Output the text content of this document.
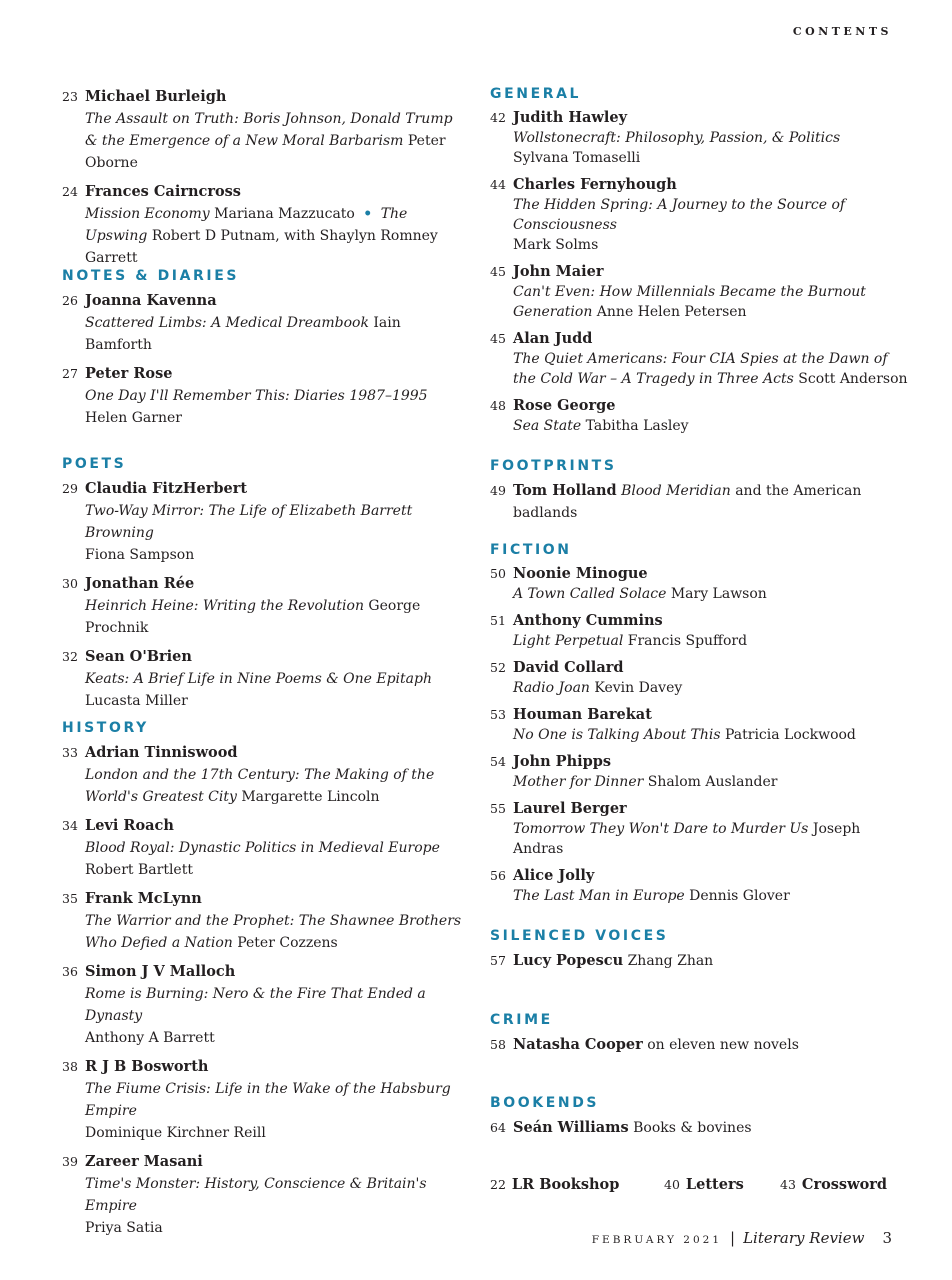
CONTENTS
23 Michael Burleigh
The Assault on Truth: Boris Johnson, Donald Trump & the Emergence of a New Moral Barbarism Peter Oborne
24 Frances Cairncross
Mission Economy Mariana Mazzucato • The Upswing Robert D Putnam, with Shaylyn Romney Garrett
NOTES & DIARIES
26 Joanna Kavenna
Scattered Limbs: A Medical Dreambook Iain Bamforth
27 Peter Rose
One Day I'll Remember This: Diaries 1987–1995
Helen Garner
POETS
29 Claudia FitzHerbert
Two-Way Mirror: The Life of Elizabeth Barrett Browning
Fiona Sampson
30 Jonathan Rée
Heinrich Heine: Writing the Revolution George Prochnik
32 Sean O'Brien
Keats: A Brief Life in Nine Poems & One Epitaph
Lucasta Miller
HISTORY
33 Adrian Tinniswood
London and the 17th Century: The Making of the World's Greatest City Margarette Lincoln
34 Levi Roach
Blood Royal: Dynastic Politics in Medieval Europe
Robert Bartlett
35 Frank McLynn
The Warrior and the Prophet: The Shawnee Brothers Who Defied a Nation Peter Cozzens
36 Simon J V Malloch
Rome is Burning: Nero & the Fire That Ended a Dynasty
Anthony A Barrett
38 R J B Bosworth
The Fiume Crisis: Life in the Wake of the Habsburg Empire
Dominique Kirchner Reill
39 Zareer Masani
Time's Monster: History, Conscience & Britain's Empire
Priya Satia
GENERAL
42 Judith Hawley
Wollstonecraft: Philosophy, Passion, & Politics
Sylvana Tomaselli
44 Charles Fernyhough
The Hidden Spring: A Journey to the Source of Consciousness
Mark Solms
45 John Maier
Can't Even: How Millennials Became the Burnout Generation Anne Helen Petersen
45 Alan Judd
The Quiet Americans: Four CIA Spies at the Dawn of the Cold War – A Tragedy in Three Acts Scott Anderson
48 Rose George
Sea State Tabitha Lasley
FOOTPRINTS
49 Tom Holland Blood Meridian and the American badlands
FICTION
50 Noonie Minogue
A Town Called Solace Mary Lawson
51 Anthony Cummins
Light Perpetual Francis Spufford
52 David Collard
Radio Joan Kevin Davey
53 Houman Barekat
No One is Talking About This Patricia Lockwood
54 John Phipps
Mother for Dinner Shalom Auslander
55 Laurel Berger
Tomorrow They Won't Dare to Murder Us Joseph Andras
56 Alice Jolly
The Last Man in Europe Dennis Glover
SILENCED VOICES
57 Lucy Popescu Zhang Zhan
CRIME
58 Natasha Cooper on eleven new novels
BOOKENDS
64 Seán Williams Books & bovines
22 LR Bookshop	40 Letters	43 Crossword
FEBRUARY 2021 | Literary Review 3
